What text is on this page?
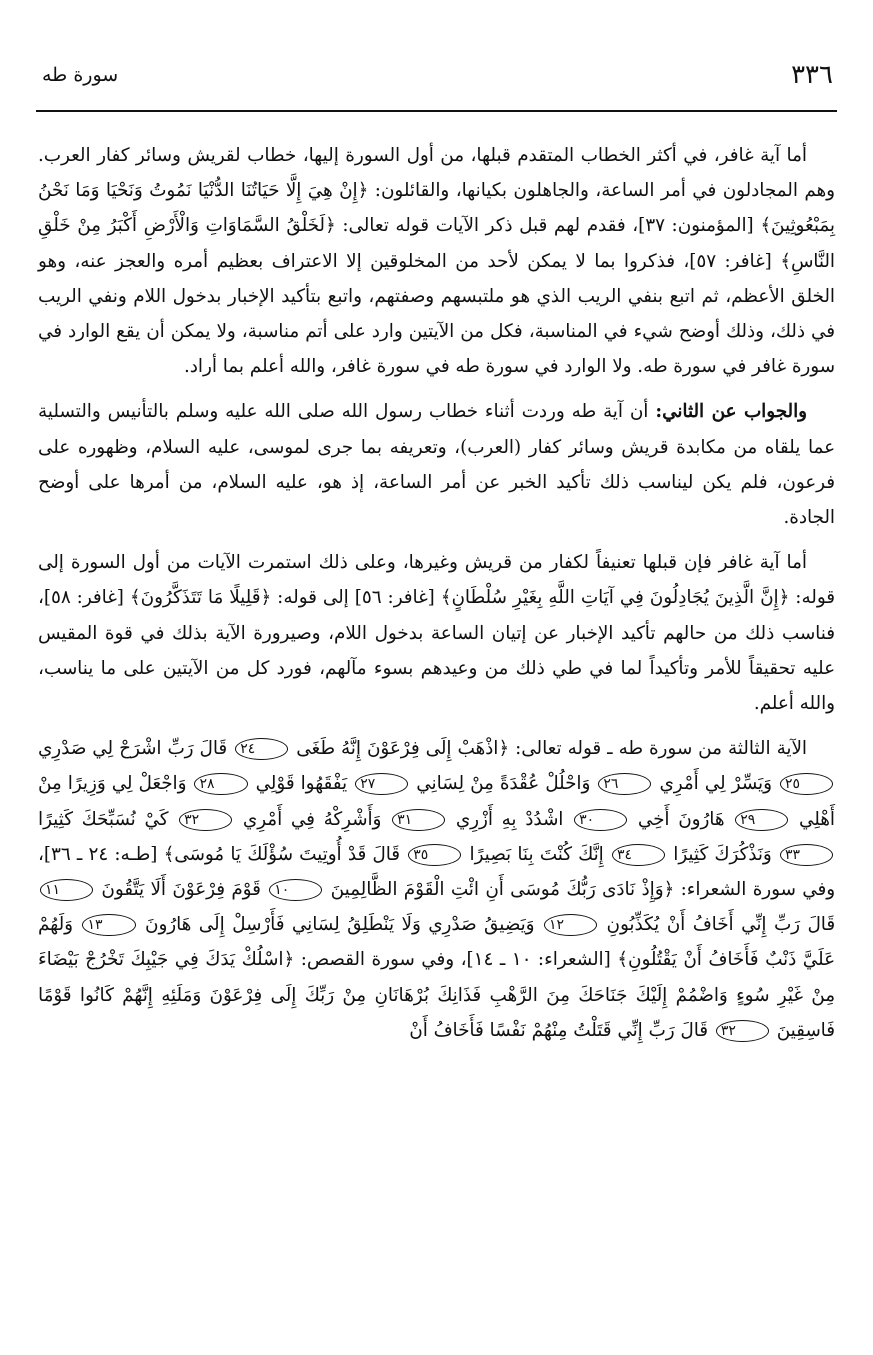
٣٣٦
سورة طه

أما آية غافر، في أكثر الخطاب المتقدم قبلها، من أول السورة إليها، خطاب لقريش وسائر كفار العرب. وهم المجادلون في أمر الساعة، والجاهلون بكيانها، والقائلون: ﴿إِنْ هِيَ إِلَّا حَيَاتُنَا الدُّنْيَا نَمُوتُ وَنَحْيَا وَمَا نَحْنُ بِمَبْعُوثِينَ﴾ [المؤمنون: ٣٧]، فقدم لهم قبل ذكر الآيات قوله تعالى: ﴿لَخَلْقُ السَّمَاوَاتِ وَالْأَرْضِ أَكْبَرُ مِنْ خَلْقِ النَّاسِ﴾ [غافر: ٥٧]، فذكروا بما لا يمكن لأحد من المخلوقين إلا الاعتراف بعظيم أمره والعجز عنه، وهو الخلق الأعظم، ثم اتبع بنفي الريب الذي هو ملتبسهم وصفتهم، واتبع بتأكيد الإخبار بدخول اللام ونفي الريب في ذلك، وذلك أوضح شيء في المناسبة، فكل من الآيتين وارد على أتم مناسبة، ولا يمكن أن يقع الوارد في سورة غافر في سورة طه. ولا الوارد في سورة طه في سورة غافر، والله أعلم بما أراد.

والجواب عن الثاني: أن آية طه وردت أثناء خطاب رسول الله صلى الله عليه وسلم بالتأنيس والتسلية عما يلقاه من مكابدة قريش وسائر كفار (العرب)، وتعريفه بما جرى لموسى، عليه السلام، وظهوره على فرعون، فلم يكن ليناسب ذلك تأكيد الخبر عن أمر الساعة، إذ هو، عليه السلام، من أمرها على أوضح الجادة.

أما آية غافر فإن قبلها تعنيفاً لكفار من قريش وغيرها، وعلى ذلك استمرت الآيات من أول السورة إلى قوله: ﴿إِنَّ الَّذِينَ يُجَادِلُونَ فِي آيَاتِ اللَّهِ بِغَيْرِ سُلْطَانٍ﴾ [غافر: ٥٦] إلى قوله: ﴿قَلِيلًا مَا تَتَذَكَّرُونَ﴾ [غافر: ٥٨]، فناسب ذلك من حالهم تأكيد الإخبار عن إتيان الساعة بدخول اللام، وصيرورة الآية بذلك في قوة المقيس عليه تحقيقاً للأمر وتأكيداً لما في طي ذلك من وعيدهم بسوء مآلهم، فورد كل من الآيتين على ما يناسب، والله أعلم.

الآية الثالثة من سورة طه ـ قوله تعالى: ﴿اذْهَبْ إِلَى فِرْعَوْنَ إِنَّهُ طَغَى ٢٤ قَالَ رَبِّ اشْرَحْ لِي صَدْرِي ٢٥ وَيَسِّرْ لِي أَمْرِي ٢٦ وَاحْلُلْ عُقْدَةً مِنْ لِسَانِي ٢٧ يَفْقَهُوا قَوْلِي ٢٨ وَاجْعَلْ لِي وَزِيرًا مِنْ أَهْلِي ٢٩ هَارُونَ أَخِي ٣٠ اشْدُدْ بِهِ أَزْرِي ٣١ وَأَشْرِكْهُ فِي أَمْرِي ٣٢ كَيْ نُسَبِّحَكَ كَثِيرًا ٣٣ وَنَذْكُرَكَ كَثِيرًا ٣٤ إِنَّكَ كُنْتَ بِنَا بَصِيرًا ٣٥ قَالَ قَدْ أُوتِيتَ سُؤْلَكَ يَا مُوسَى﴾ [طـه: ٢٤ ـ ٣٦]، وفي سورة الشعراء: ﴿وَإِذْ نَادَى رَبُّكَ مُوسَى أَنِ ائْتِ الْقَوْمَ الظَّالِمِينَ ١٠ قَوْمَ فِرْعَوْنَ أَلَا يَتَّقُونَ ١١ قَالَ رَبِّ إِنِّي أَخَافُ أَنْ يُكَذِّبُونِ ١٢ وَيَضِيقُ صَدْرِي وَلَا يَنْطَلِقُ لِسَانِي فَأَرْسِلْ إِلَى هَارُونَ ١٣ وَلَهُمْ عَلَيَّ ذَنْبٌ فَأَخَافُ أَنْ يَقْتُلُونِ﴾ [الشعراء: ١٠ ـ ١٤]، وفي سورة القصص: ﴿اسْلُكْ يَدَكَ فِي جَيْبِكَ تَخْرُجْ بَيْضَاءَ مِنْ غَيْرِ سُوءٍ وَاضْمُمْ إِلَيْكَ جَنَاحَكَ مِنَ الرَّهْبِ فَذَانِكَ بُرْهَانَانِ مِنْ رَبِّكَ إِلَى فِرْعَوْنَ وَمَلَئِهِ إِنَّهُمْ كَانُوا قَوْمًا فَاسِقِينَ ٣٢ قَالَ رَبِّ إِنِّي قَتَلْتُ مِنْهُمْ نَفْسًا فَأَخَافُ أَنْ
